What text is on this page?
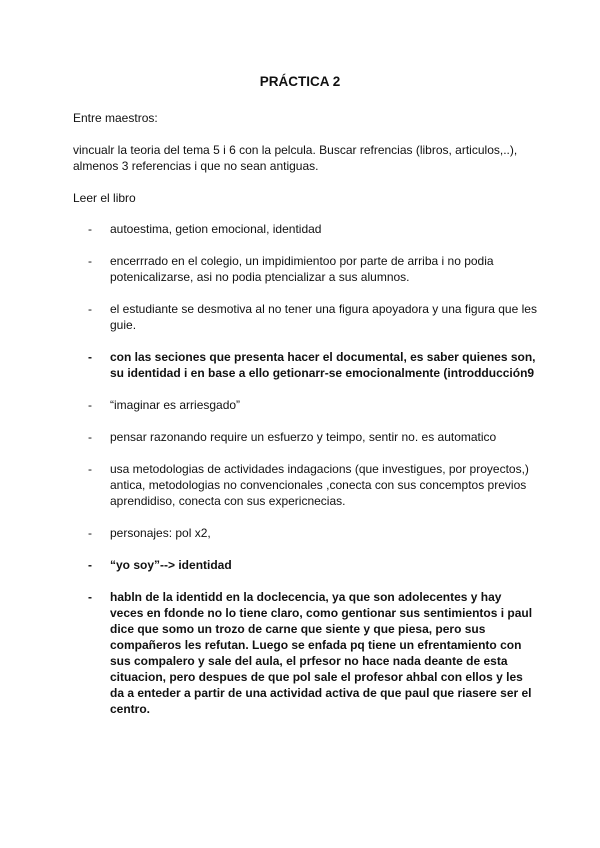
PRÁCTICA 2
Entre maestros:
vincualr la teoria del tema 5 i 6 con la pelcula. Buscar refrencias (libros, articulos,..), almenos 3 referencias i que no sean antiguas.
Leer el libro
- autoestima, getion emocional, identidad
- encerrrado en el colegio, un impidimientoo por parte de arriba i no podia potenicalizarse, asi no podia ptencializar a sus alumnos.
- el estudiante se desmotiva al no tener una figura apoyadora y una figura que les guie.
- con las seciones que presenta hacer el documental, es saber quienes son, su identidad i en base a ello getionarr-se emocionalmente (introdducción9
- “imaginar es arriesgado”
- pensar razonando require un esfuerzo y teimpo, sentir no. es automatico
- usa metodologias de actividades indagacions (que investigues, por proyectos,) antica, metodologias no convencionales ,conecta con sus concemptos previos aprendidiso, conecta con sus expericnecias.
- personajes: pol x2,
- “yo soy”--> identidad
- habln de la identidd en la doclecencia, ya que son adolecentes y hay veces en fdonde no lo tiene claro, como gentionar sus sentimientos i paul dice que somo un trozo de carne que siente y que piesa, pero sus compañeros les refutan. Luego se enfada pq tiene un efrentamiento con sus compalero y sale del aula, el prfesor no hace nada deante de esta cituacion, pero despues de que pol sale el profesor ahbal con ellos y les da a enteder a partir de una actividad activa de que paul que riasere ser el centro.
